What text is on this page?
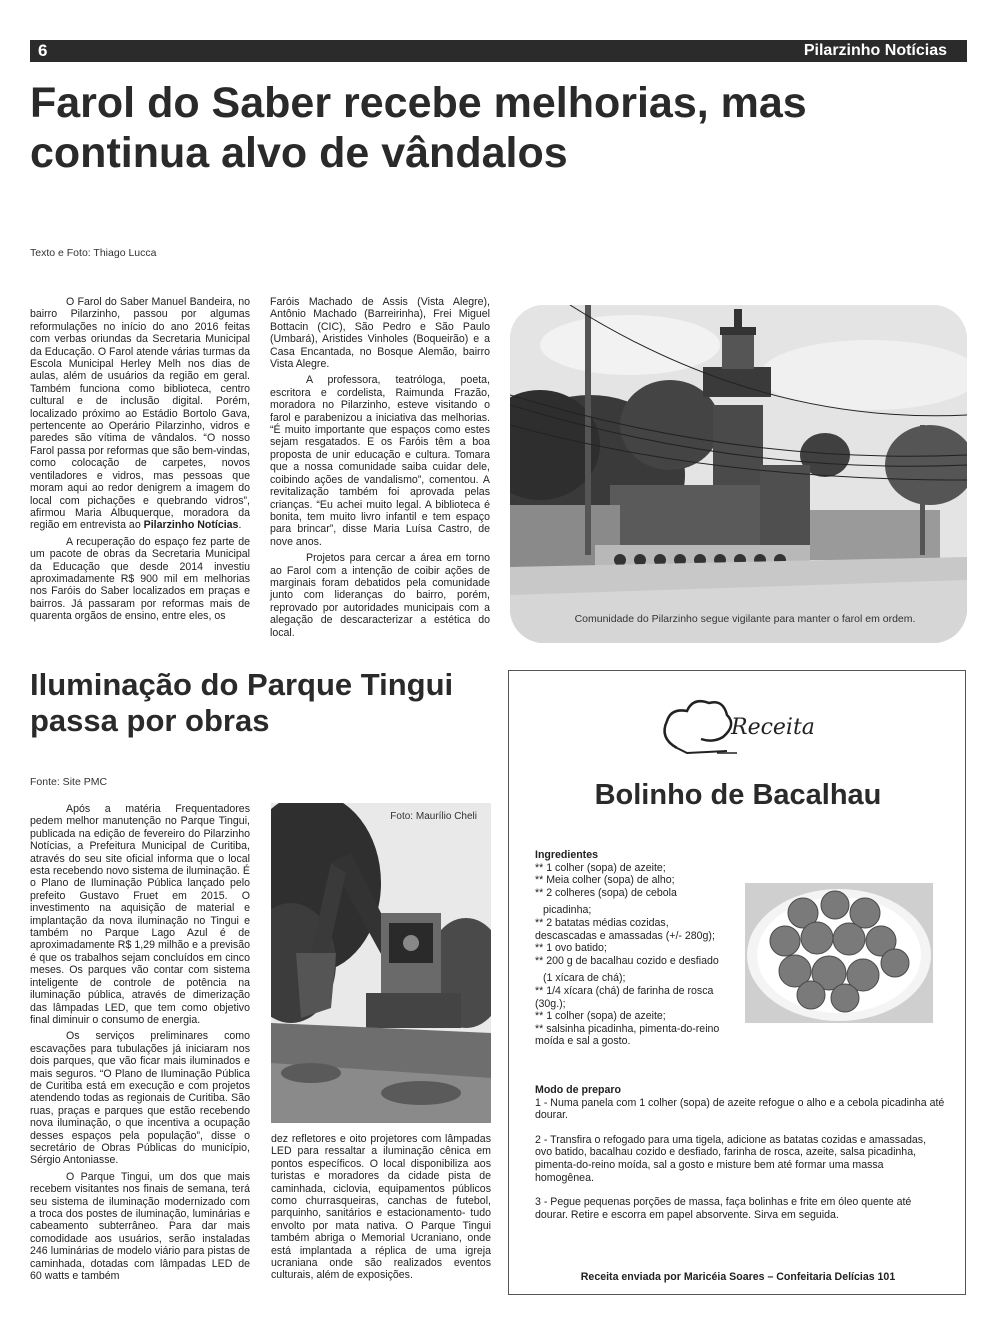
6	Pilarzinho Notícias
Farol do Saber recebe melhorias, mas
continua alvo de vândalos
Texto e Foto: Thiago Lucca

O Farol do Saber Manuel Bandeira, no bairro Pilarzinho, passou por algumas reformulações no início do ano 2016 feitas com verbas oriundas da Secretaria Municipal da Educação. O Farol atende várias turmas da Escola Municipal Herley Melh nos dias de aulas, além de usuários da região em geral. Também funciona como biblioteca, centro cultural e de inclusão digital. Porém, localizado próximo ao Estádio Bortolo Gava, pertencente ao Operário Pilarzinho, vidros e paredes são vítima de vândalos. “O nosso Farol passa por reformas que são bem-vindas, como colocação de carpetes, novos ventiladores e vidros, mas pessoas que moram aqui ao redor denigrem a imagem do local com pichações e quebrando vidros”, afirmou Maria Albuquerque, moradora da região em entrevista ao Pilarzinho Notícias.

A recuperação do espaço fez parte de um pacote de obras da Secretaria Municipal da Educação que desde 2014 investiu aproximadamente R$ 900 mil em melhorias nos Faróis do Saber localizados em praças e bairros. Já passaram por reformas mais de quarenta orgãos de ensino, entre eles, os

Faróis Machado de Assis (Vista Alegre), Antônio Machado (Barreirinha), Frei Miguel Bottacin (CIC), São Pedro e São Paulo (Umbará), Aristides Vinholes (Boqueirão) e a Casa Encantada, no Bosque Alemão, bairro Vista Alegre.

A professora, teatróloga, poeta, escritora e cordelista, Raimunda Frazão, moradora no Pilarzinho, esteve visitando o farol e parabenizou a iniciativa das melhorias. “É muito importante que espaços como estes sejam resgatados. E os Faróis têm a boa proposta de unir educação e cultura. Tomara que a nossa comunidade saiba cuidar dele, coibindo ações de vandalismo”, comentou. A revitalização também foi aprovada pelas crianças. “Eu achei muito legal. A biblioteca é bonita, tem muito livro infantil e tem espaço para brincar”, disse Maria Luísa Castro, de nove anos.

Projetos para cercar a área em torno ao Farol com a intenção de coibir ações de marginais foram debatidos pela comunidade junto com lideranças do bairro, porém, reprovado por autoridades municipais com a alegação de descaracterizar a estética do local.

Comunidade do Pilarzinho segue vigilante para manter o farol em ordem.
Iluminação do Parque Tingui
passa por obras
Fonte: Site PMC

Após a matéria Frequentadores pedem melhor manutenção no Parque Tingui, publicada na edição de fevereiro do Pilarzinho Notícias, a Prefeitura Municipal de Curitiba, através do seu site oficial informa que o local esta recebendo novo sistema de iluminação. É o Plano de Iluminação Pública lançado pelo prefeito Gustavo Fruet em 2015. O investimento na aquisição de material e implantação da nova iluminação no Tingui e também no Parque Lago Azul é de aproximadamente R$ 1,29 milhão e a previsão é que os trabalhos sejam concluídos em cinco meses. Os parques vão contar com sistema inteligente de controle de potência na iluminação pública, através de dimerização das lâmpadas LED, que tem como objetivo final diminuir o consumo de energia.

Os serviços preliminares como escavações para tubulações já iniciaram nos dois parques, que vão ficar mais iluminados e mais seguros. “O Plano de Iluminação Pública de Curitiba está em execução e com projetos atendendo todas as regionais de Curitiba. São ruas, praças e parques que estão recebendo nova iluminação, o que incentiva a ocupação desses espaços pela população”, disse o secretário de Obras Públicas do município, Sérgio Antoniasse.

O Parque Tingui, um dos que mais recebem visitantes nos finais de semana, terá seu sistema de iluminação modernizado com a troca dos postes de iluminação, luminárias e cabeamento subterrâneo. Para dar mais comodidade aos usuários, serão instaladas 246 luminárias de modelo viário para pistas de caminhada, dotadas com lâmpadas LED de 60 watts e também

Foto: Maurílio Cheli

dez refletores e oito projetores com lâmpadas LED para ressaltar a iluminação cênica em pontos específicos. O local disponibiliza aos turistas e moradores da cidade pista de caminhada, ciclovia, equipamentos públicos como churrasqueiras, canchas de futebol, parquinho, sanitários e estacionamento- tudo envolto por mata nativa. O Parque Tingui também abriga o Memorial Ucraniano, onde está implantada a réplica de uma igreja ucraniana onde são realizados eventos culturais, além de exposições.

Receita
Bolinho de Bacalhau
Ingredientes
** 1 colher (sopa) de azeite;
** Meia colher (sopa) de alho;
** 2 colheres (sopa) de cebola
picadinha;
** 2 batatas médias cozidas,
descascadas e amassadas (+/- 280g);
** 1 ovo batido;
** 200 g de bacalhau cozido e desfiado
(1 xícara de chá);
** 1/4 xícara (chá) de farinha de rosca
(30g.);
** 1 colher (sopa) de azeite;
** salsinha picadinha, pimenta-do-reino
moída e sal a gosto.
Modo de preparo
1 - Numa panela com 1 colher (sopa) de azeite refogue o alho e a cebola picadinha até dourar.
2 - Transfira o refogado para uma tigela, adicione as batatas cozidas e amassadas, ovo batido, bacalhau cozido e desfiado, farinha de rosca, azeite, salsa picadinha, pimenta-do-reino moída, sal a gosto e misture bem até formar uma massa homogênea.
3 - Pegue pequenas porções de massa, faça bolinhas e frite em óleo quente até dourar. Retire e escorra em papel absorvente. Sirva em seguida.
Receita enviada por Maricéia Soares – Confeitaria Delícias 101
